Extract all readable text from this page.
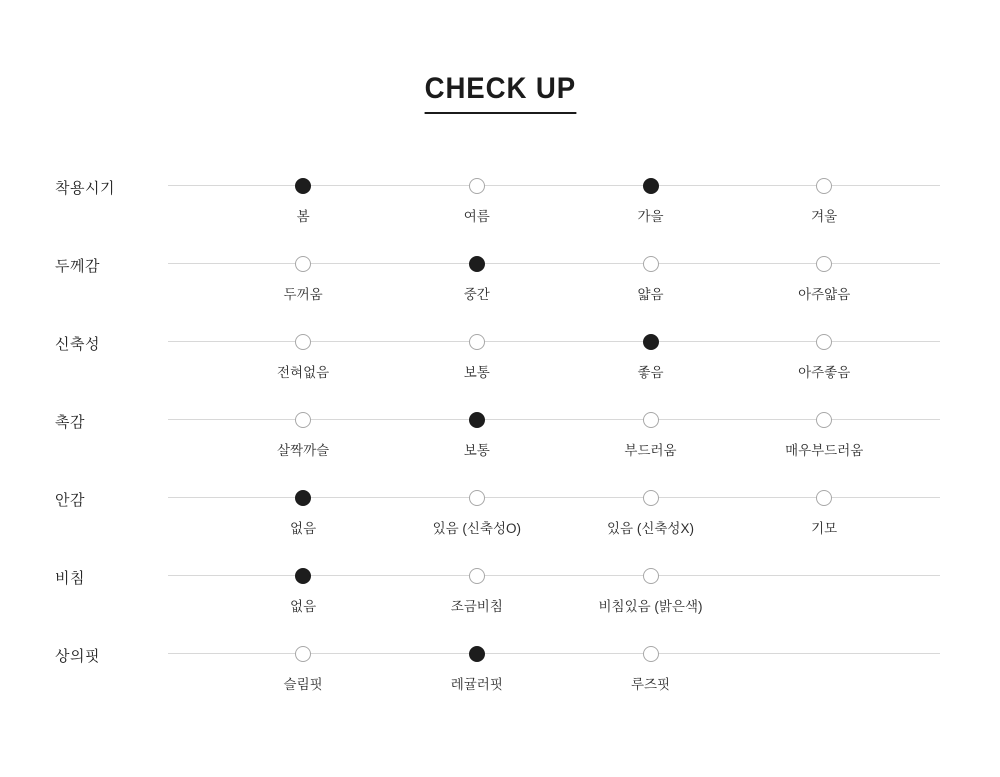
CHECK UP
착용시기
봄	여름	가을	겨울
두께감
두꺼움	중간	얇음	아주얇음
신축성
전혀없음	보통	좋음	아주좋음
촉감
살짝까슬	보통	부드러움	매우부드러움
안감
없음	있음 (신축성O)	있음 (신축성X)	기모
비침
없음	조금비침	비침있음 (밝은색)
상의핏
슬림핏	레귤러핏	루즈핏
